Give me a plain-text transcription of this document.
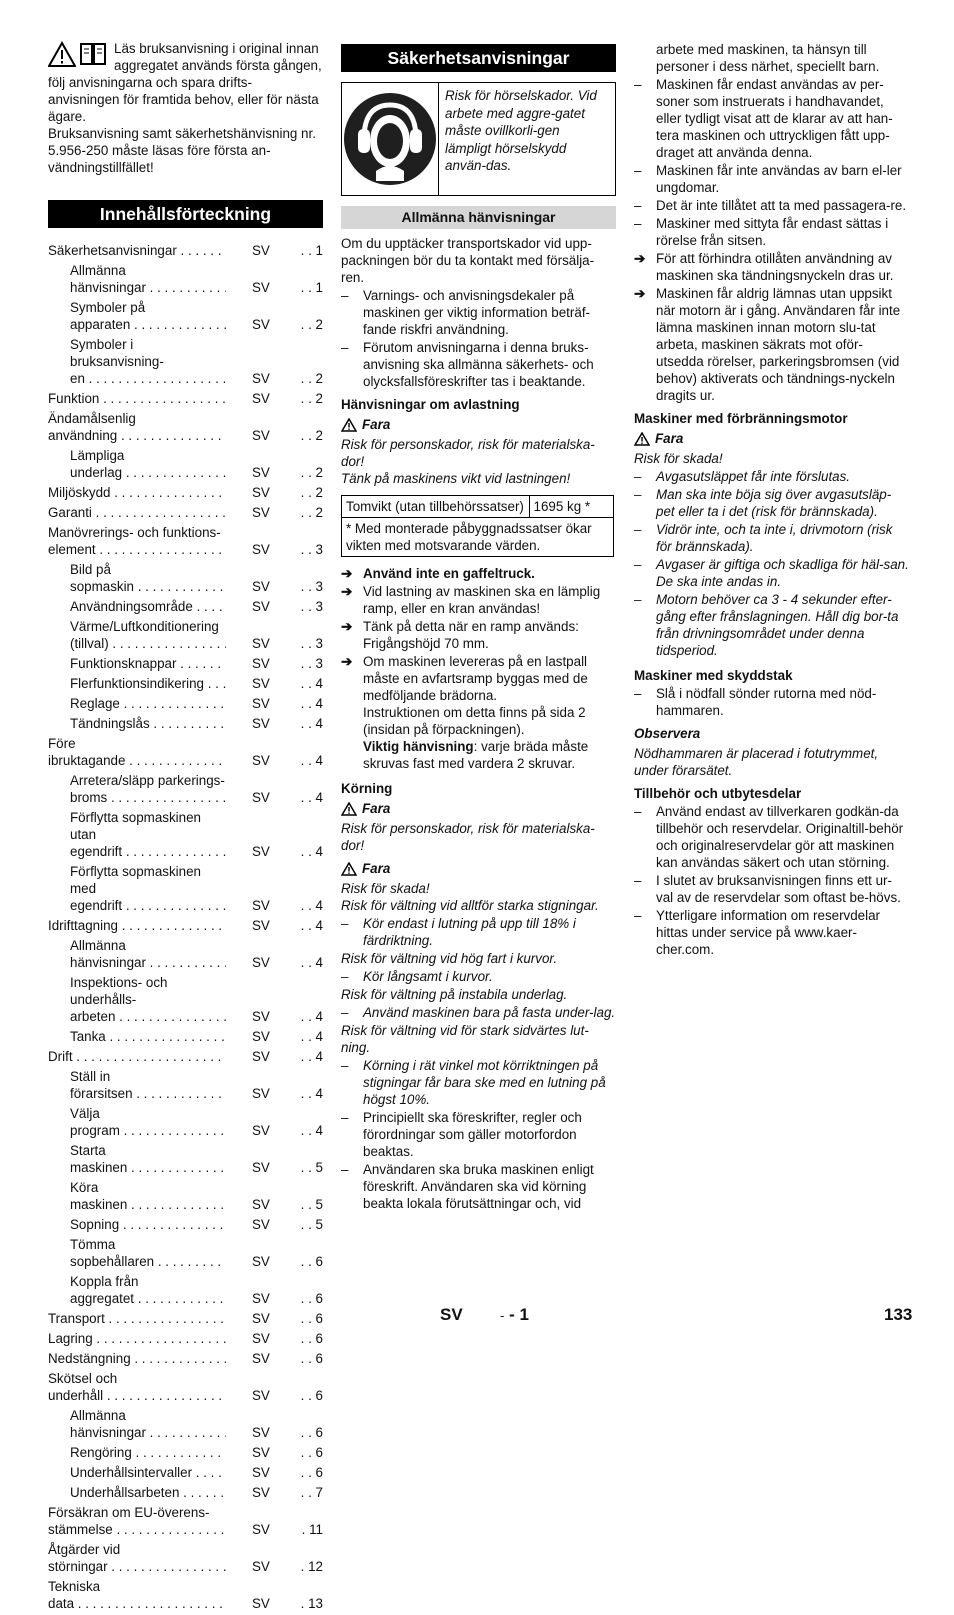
Läs bruksanvisning i original innan aggregatet används första gången, följ anvisningarna och spara drifts-anvisningen för framtida behov, eller för nästa ägare.

Bruksanvisning samt säkerhetshänvisning nr. 5.956-250 måste läsas före första an-vändningstillfället!

Innehållsförteckning
Säkerhetsanvisningar . . .	SV	. . 1
Allmänna hänvisningar . . .	SV	. . 1
Symboler på apparaten . . .	SV	. . 2
Symboler i bruksanvisning-en . . .	SV	. . 2
Funktion . . .	SV	. . 2
Ändamålsenlig användning . . .	SV	. . 2
Lämpliga underlag . . .	SV	. . 2
Miljöskydd . . .	SV	. . 2
Garanti . . .	SV	. . 2
Manövrerings- och funktions-element . . .	SV	. . 3
Bild på sopmaskin . . .	SV	. . 3
Användningsområde . . .	SV	. . 3
Värme/Luftkonditionering (tillval) . . .	SV	. . 3
Funktionsknappar . . .	SV	. . 3
Flerfunktionsindikering . . .	SV	. . 4
Reglage . . .	SV	. . 4
Tändningslås . . .	SV	. . 4
Före ibruktagande . . .	SV	. . 4
Arretera/släpp parkerings-broms . . .	SV	. . 4
Förflytta sopmaskinen utan egendrift . . .	SV	. . 4
Förflytta sopmaskinen med egendrift . . .	SV	. . 4
Idrifttagning . . .	SV	. . 4
Allmänna hänvisningar . . .	SV	. . 4
Inspektions- och underhålls-arbeten . . .	SV	. . 4
Tanka . . .	SV	. . 4
Drift . . .	SV	. . 4
Ställ in förarsitsen . . .	SV	. . 4
Välja program . . .	SV	. . 4
Starta maskinen . . .	SV	. . 5
Köra maskinen . . .	SV	. . 5
Sopning . . .	SV	. . 5
Tömma sopbehållaren . . .	SV	. . 6
Koppla från aggregatet . . .	SV	. . 6
Transport . . .	SV	. . 6
Lagring . . .	SV	. . 6
Nedstängning . . .	SV	. . 6
Skötsel och underhåll . . .	SV	. . 6
Allmänna hänvisningar . . .	SV	. . 6
Rengöring . . .	SV	. . 6
Underhållsintervaller . . .	SV	. . 6
Underhållsarbeten . . .	SV	. . 7
Försäkran om EU-överens-stämmelse . . .	SV	. 11
Åtgärder vid störningar . . .	SV	. 12
Tekniska data . . .	SV	. 13
Säkerhetsanvisningar
Risk för hörselskador. Vid arbete med aggre-gatet måste ovillkorli-gen lämpligt hörselskydd använ-das.
Allmänna hänvisningar

Om du upptäcker transportskador vid upp-packningen bör du ta kontakt med försälja-ren.

–	Varnings- och anvisningsdekaler på maskinen ger viktig information beträf-fande riskfri användning.
–	Förutom anvisningarna i denna bruks-anvisning ska allmänna säkerhets- och olycksfallsföreskrifter tas i beaktande.

Hänvisningar om avlastning

Fara

Risk för personskador, risk för materialska-dor!

Tänk på maskinens vikt vid lastningen!

Tomvikt (utan tillbehörssatser)	1695 kg *
* Med monterade påbyggnadssatser ökar vikten med motsvarande värden.
➔ Använd inte en gaffeltruck.
➔ Vid lastning av maskinen ska en lämplig ramp, eller en kran användas!
➔ Tänk på detta när en ramp används: Frigångshöjd 70 mm.
➔ Om maskinen levereras på en lastpall måste en avfartsramp byggas med de medföljande brädorna.
Instruktionen om detta finns på sida 2 (insidan på förpackningen).
Viktig hänvisning: varje bräda måste skruvas fast med vardera 2 skruvar.

Körning

Fara

Risk för personskador, risk för materialska-dor!

Fara

Risk för skada!

Risk för vältning vid alltför starka stigningar.

–	Kör endast i lutning på upp till 18% i färdriktning.

Risk för vältning vid hög fart i kurvor.

–	Kör långsamt i kurvor.

Risk för vältning på instabila underlag.

–	Använd maskinen bara på fasta under-lag.

Risk för vältning vid för stark sidvärtes lut-ning.

–	Körning i rät vinkel mot körriktningen på stigningar får bara ske med en lutning på högst 10%.
–	Principiellt ska föreskrifter, regler och förordningar som gäller motorfordon beaktas.
–	Användaren ska bruka maskinen enligt föreskrift. Användaren ska vid körning beakta lokala förutsättningar och, vid
arbete med maskinen, ta hänsyn till personer i dess närhet, speciellt barn.
–	Maskinen får endast användas av per-soner som instruerats i handhavandet, eller tydligt visat att de klarar av att han-tera maskinen och uttryckligen fått upp-draget att använda denna.
–	Maskinen får inte användas av barn el-ler ungdomar.
–	Det är inte tillåtet att ta med passagera-re.
–	Maskiner med sittyta får endast sättas i rörelse från sitsen.
➔ För att förhindra otillåten användning av maskinen ska tändningsnyckeln dras ur.
➔ Maskinen får aldrig lämnas utan uppsikt när motorn är i gång. Användaren får inte lämna maskinen innan motorn slu-tat arbeta, maskinen säkrats mot oför-utsedda rörelser, parkeringsbromsen (vid behov) aktiverats och tändnings-nyckeln dragits ur.

Maskiner med förbränningsmotor

Fara

Risk för skada!

–	Avgasutsläppet får inte förslutas.
–	Man ska inte böja sig över avgasutsläp-pet eller ta i det (risk för brännskada).
–	Vidrör inte, och ta inte i, drivmotorn (risk för brännskada).
–	Avgaser är giftiga och skadliga för häl-san. De ska inte andas in.
–	Motorn behöver ca 3 - 4 sekunder efter-gång efter frånslagningen. Håll dig bor-ta från drivningsområdet under denna tidsperiod.

Maskiner med skyddstak

–	Slå i nödfall sönder rutorna med nöd-hammaren.

Observera

Nödhammaren är placerad i fotutrymmet, under förarsätet.

Tillbehör och utbytesdelar

–	Använd endast av tillverkaren godkän-da tillbehör och reservdelar. Originaltill-behör och originalreservdelar gör att maskinen kan användas säkert och utan störning.
–	I slutet av bruksanvisningen finns ett ur-val av de reservdelar som oftast be-hövs.
–	Ytterligare information om reservdelar hittas under service på www.kaer-cher.com.
SV	- - 1	133
